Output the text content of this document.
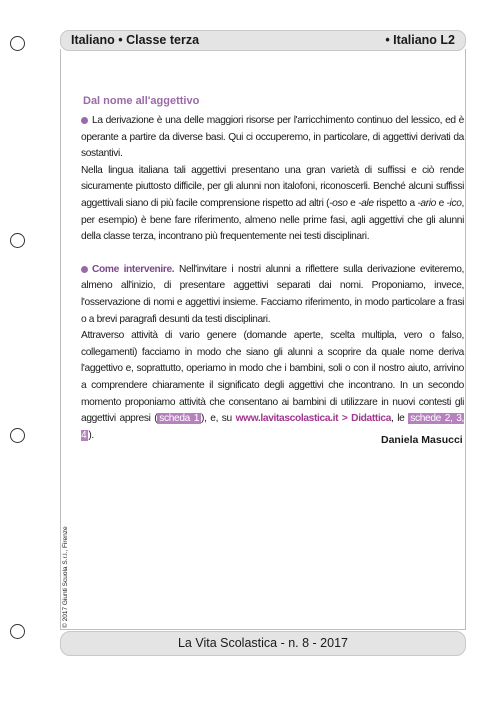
Italiano • Classe terza	• Italiano L2
Dal nome all'aggettivo

La derivazione è una delle maggiori risorse per l'arricchimento continuo del lessico, ed è operante a partire da diverse basi. Qui ci occuperemo, in particolare, di aggettivi derivati da sostantivi.

Nella lingua italiana tali aggettivi presentano una gran varietà di suffissi e ciò rende sicuramente piuttosto difficile, per gli alunni non italofoni, riconoscerli. Benché alcuni suffissi aggettivali siano di più facile comprensione rispetto ad altri (-oso e -ale rispetto a -ario e -ico, per esempio) è bene fare riferimento, almeno nelle prime fasi, agli aggettivi che gli alunni della classe terza, incontrano più frequentemente nei testi disciplinari.

Come intervenire. Nell'invitare i nostri alunni a riflettere sulla derivazione eviteremo, almeno all'inizio, di presentare aggettivi separati dai nomi. Proponiamo, invece, l'osservazione di nomi e aggettivi insieme. Facciamo riferimento, in modo particolare a frasi o a brevi paragrafi desunti da testi disciplinari.

Attraverso attività di vario genere (domande aperte, scelta multipla, vero o falso, collegamenti) facciamo in modo che siano gli alunni a scoprire da quale nome deriva l'aggettivo e, soprattutto, operiamo in modo che i bambini, soli o con il nostro aiuto, arrivino a comprendere chiaramente il significato degli aggettivi che incontrano. In un secondo momento proponiamo attività che consentano ai bambini di utilizzare in nuovi contesti gli aggettivi appresi ( scheda 1 ), e, su www.lavitascolastica.it > Didattica, le schede 2, 3, 4 ).	Daniela Masucci
© 2017 Giunti Scuola S.r.l., Firenze
La Vita Scolastica - n. 8 - 2017
